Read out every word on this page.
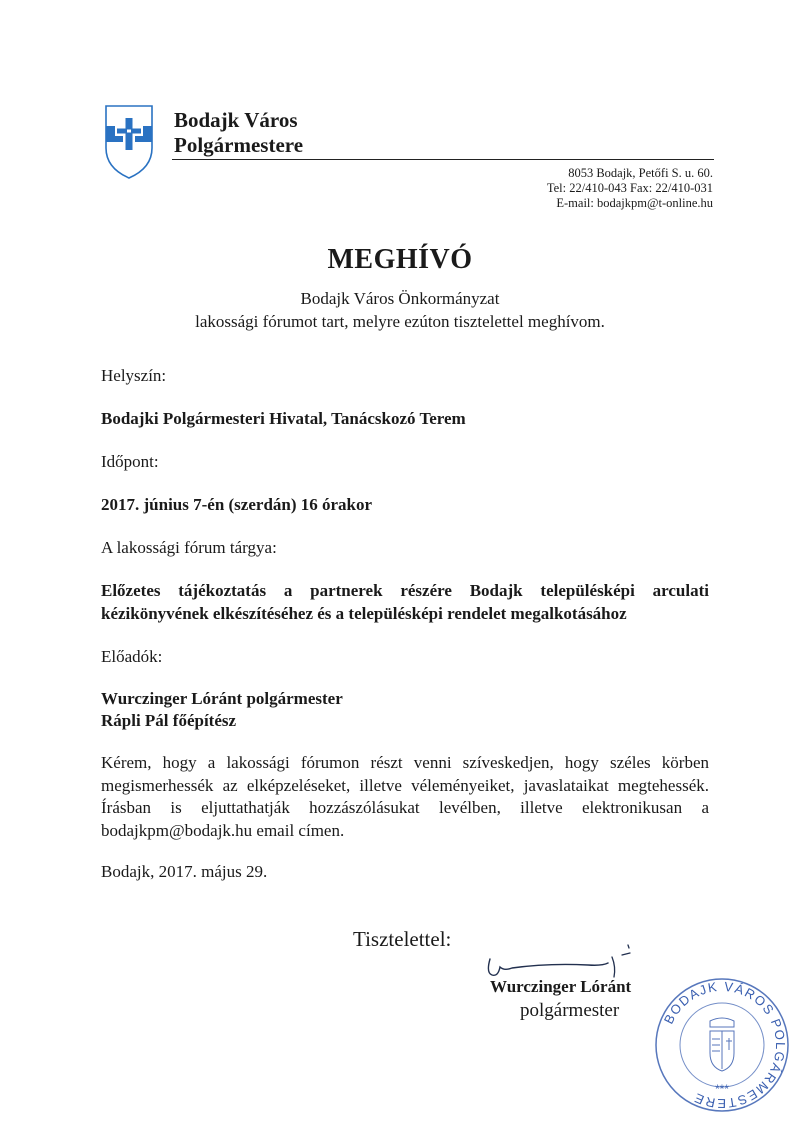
Bodajk Város
Polgármestere
8053 Bodajk, Petőfi S. u. 60.
Tel: 22/410-043 Fax: 22/410-031
E-mail: bodajkpm@t-online.hu
MEGHÍVÓ
Bodajk Város Önkormányzat
lakossági fórumot tart, melyre ezúton tisztelettel meghívom.
Helyszín:
Bodajki Polgármesteri Hivatal, Tanácskozó Terem
Időpont:
2017. június 7-én (szerdán) 16 órakor
A lakossági fórum tárgya:
Előzetes tájékoztatás a partnerek részére Bodajk településképi arculati kézikönyvének elkészítéséhez és a településképi rendelet megalkotásához
Előadók:
Wurczinger Lóránt polgármester
Rápli Pál főépítész
Kérem, hogy a lakossági fórumon részt venni szíveskedjen, hogy széles körben megismerhessék az elképzeléseket, illetve véleményeiket, javaslataikat megtehessék. Írásban is eljuttathatják hozzászólásukat levélben, illetve elektronikusan a bodajkpm@bodajk.hu email címen.
Bodajk, 2017. május 29.
Tisztelettel:
Wurczinger Lóránt
polgármester	BODAJK VÁROS POLGÁRMESTERE
***
